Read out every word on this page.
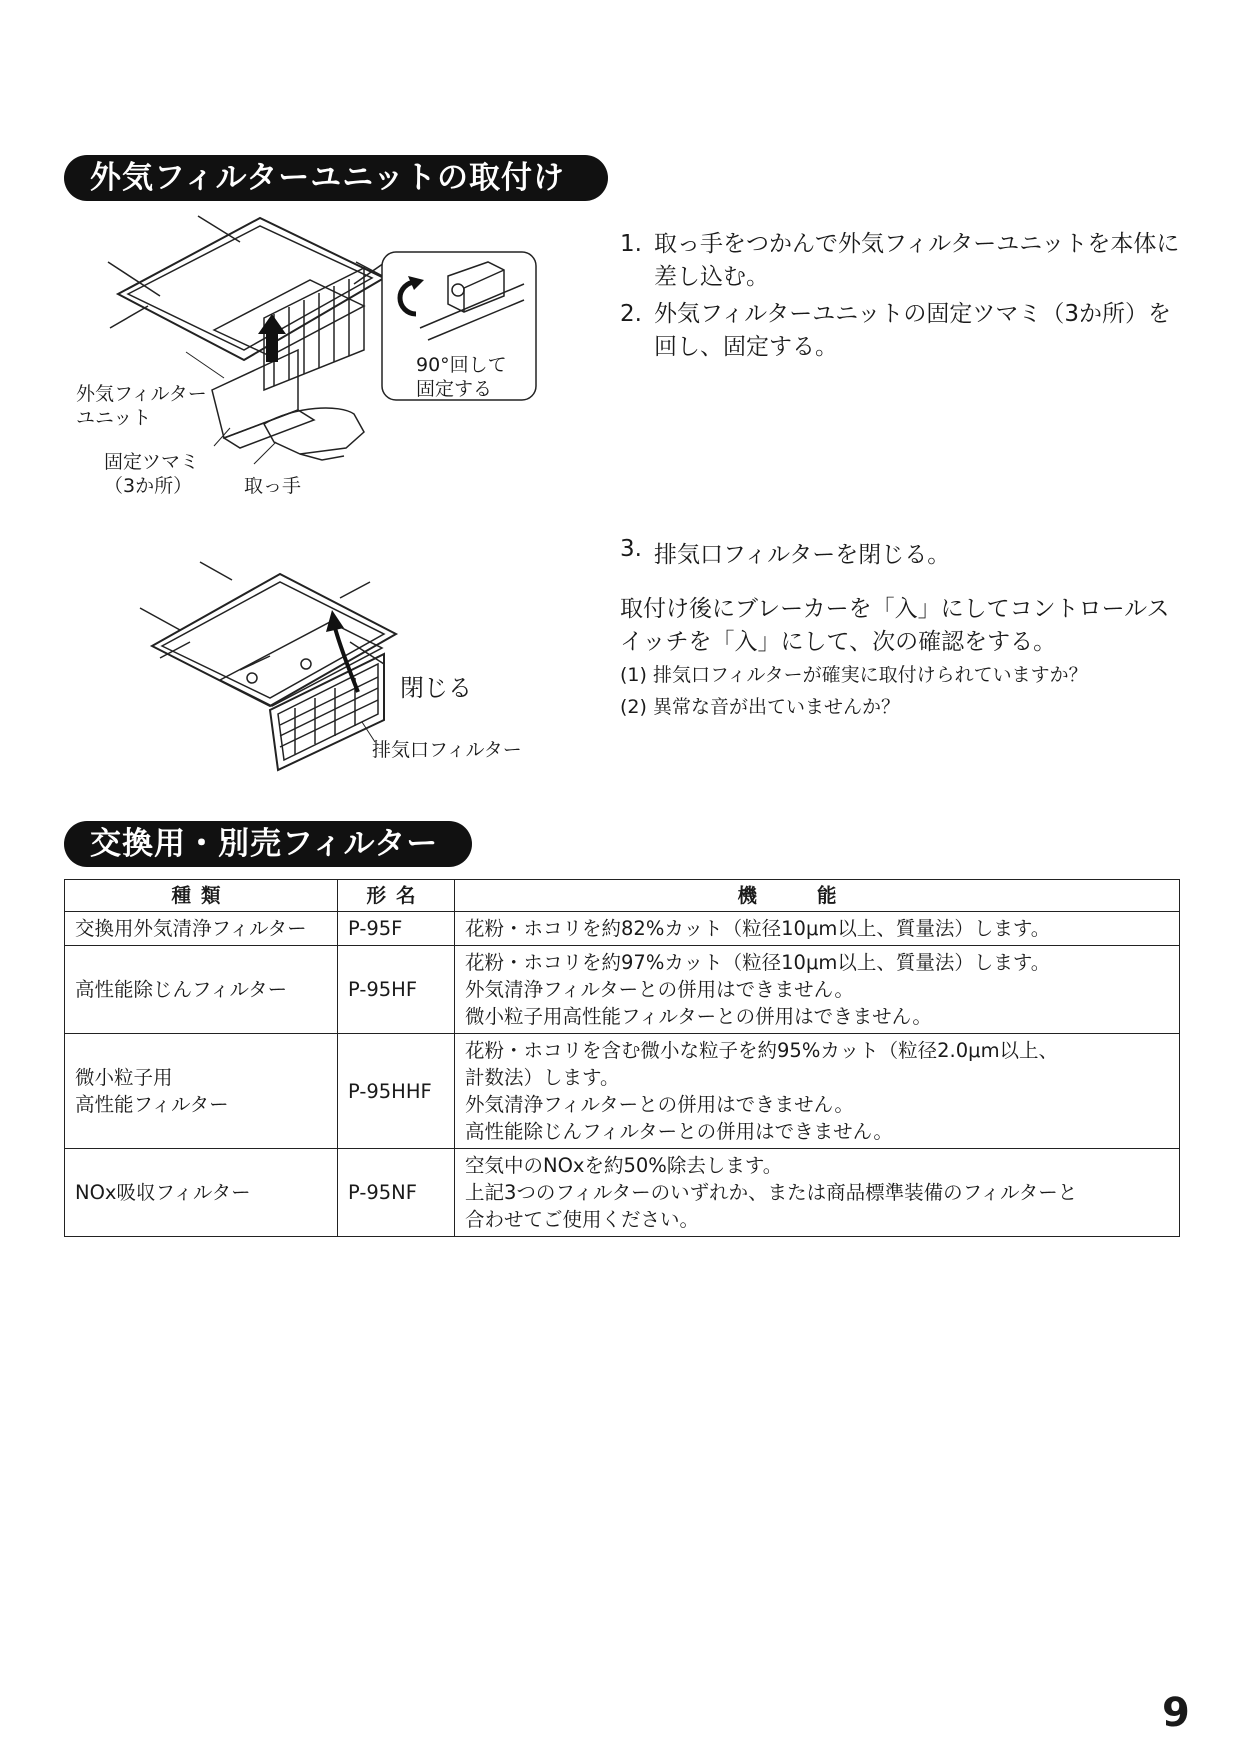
外気フィルターユニットの取付け
90°回して
固定する
外気フィルター
ユニット
固定ツマミ
（3か所）	取っ手
1. 取っ手をつかんで外気フィルターユニットを本体に差し込む。
2. 外気フィルターユニットの固定ツマミ（3か所）を回し、固定する。
閉じる
排気口フィルター
3. 排気口フィルターを閉じる。
取付け後にブレーカーを「入」にしてコントロールスイッチを「入」にして、次の確認をする。
(1) 排気口フィルターが確実に取付けられていますか？
(2) 異常な音が出ていませんか？
交換用・別売フィルター
種類	形名	機能

交換用外気清浄フィルター	P-95F	花粉・ホコリを約82%カット（粒径10μm以上、質量法）します。

高性能除じんフィルター	P-95HF	花粉・ホコリを約97%カット（粒径10μm以上、質量法）します。
外気清浄フィルターとの併用はできません。
微小粒子用高性能フィルターとの併用はできません。

微小粒子用
高性能フィルター	P-95HHF	花粉・ホコリを含む微小な粒子を約95%カット（粒径2.0μm以上、
計数法）します。
外気清浄フィルターとの併用はできません。
高性能除じんフィルターとの併用はできません。

NOx吸収フィルター	P-95NF	空気中のNOxを約50%除去します。
上記3つのフィルターのいずれか、または商品標準装備のフィルターと
合わせてご使用ください。
9
